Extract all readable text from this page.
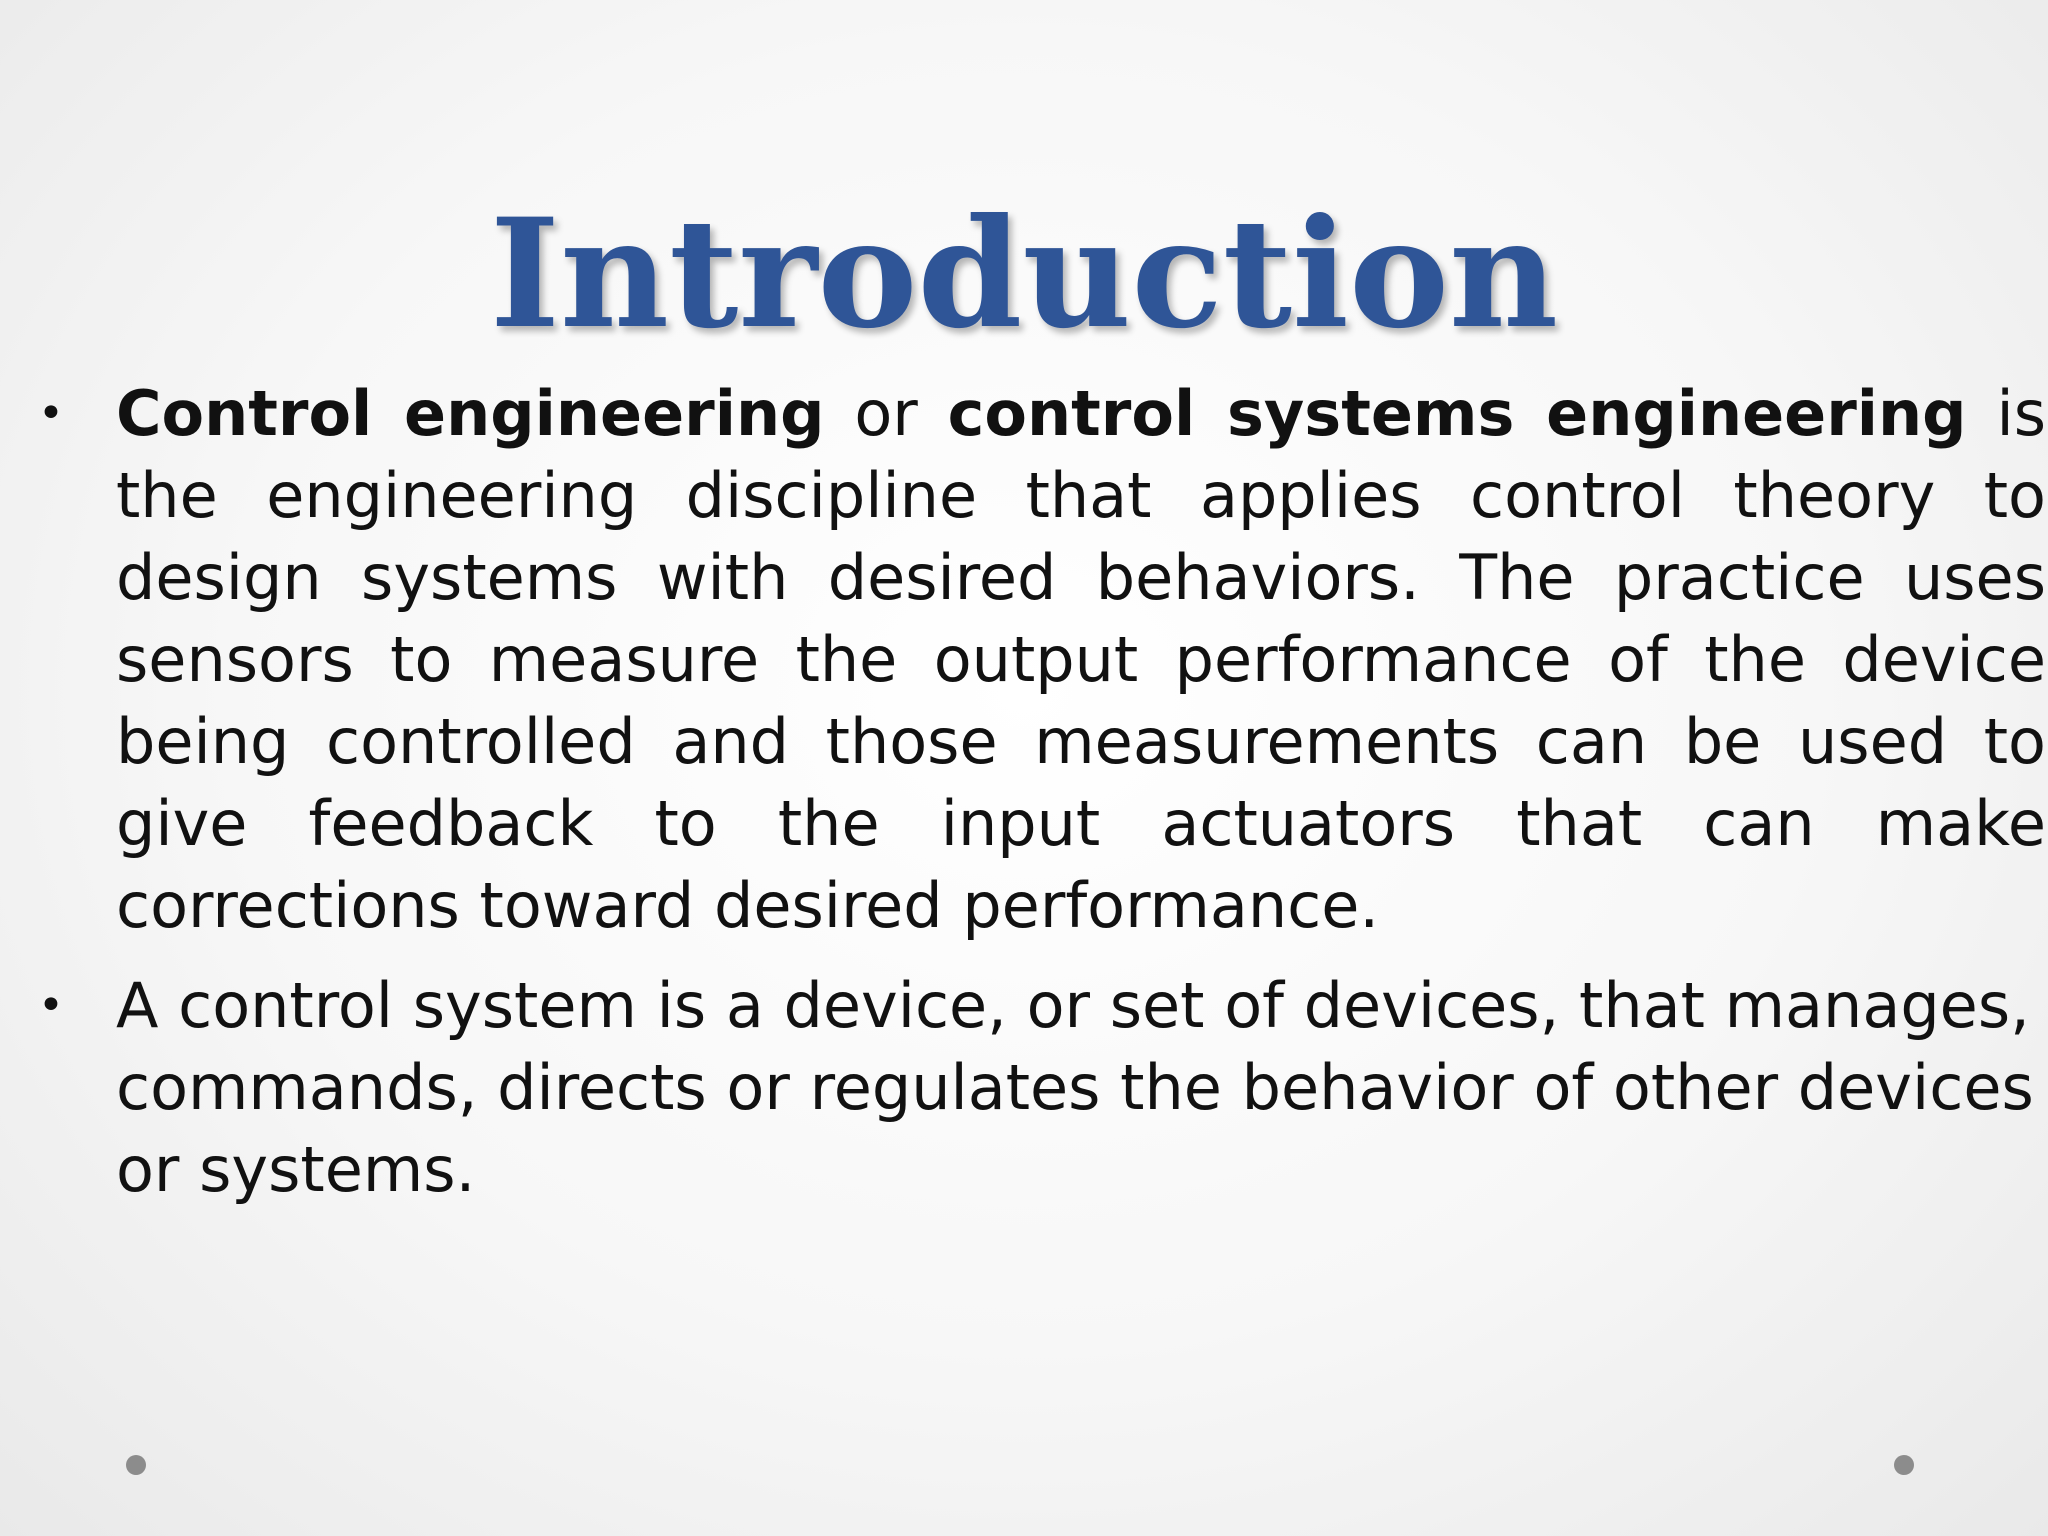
Introduction
• Control engineering or control systems engineering is the engineering discipline that applies control theory to design systems with desired behaviors. The practice uses sensors to measure the output performance of the device being controlled and those measurements can be used to give feedback to the input actuators that can make corrections toward desired performance.
• A control system is a device, or set of devices, that manages, commands, directs or regulates the behavior of other devices or systems.
